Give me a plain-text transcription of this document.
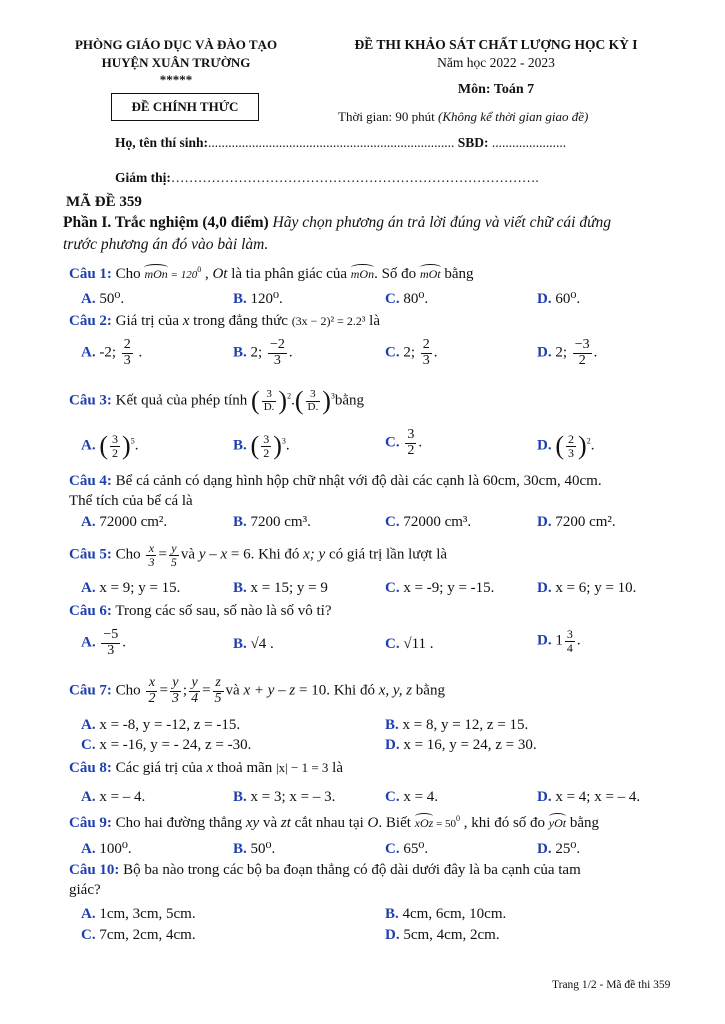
PHÒNG GIÁO DỤC VÀ ĐÀO TẠO
HUYỆN XUÂN TRƯỜNG
*****
ĐỀ CHÍNH THỨC
ĐỀ THI KHẢO SÁT CHẤT LƯỢNG HỌC KỲ I
Năm học 2022 - 2023
Môn: Toán 7
Thời gian: 90 phút (Không kể thời gian giao đề)
Họ, tên thí sinh:......................................................................... SBD: ......................
Giám thị:……………………………………………………………………….
MÃ ĐỀ 359
Phần I. Trắc nghiệm (4,0 điểm) Hãy chọn phương án trả lời đúng và viết chữ cái đứng
trước phương án đó vào bài làm.
Câu 1: Cho mOn = $120^0$ , Ot là tia phân giác của mOn. Số đo mOt bằng
A. 50⁰.	B. 120⁰.	C. 80⁰.	D. 60⁰.
Câu 2: Giá trị của x trong đẳng thức (3x − 2)² = 2.2³ là
A. -2; $\frac{2}{3}$ .	B. 2; $\frac{-2}{3}$ .	C. 2; $\frac{2}{3}$ .	D. 2; $\frac{-3}{2}$ .
Câu 3: Kết quả của phép tính ( $\frac{3}{D.} )^2.( \frac{3}{D.}$ )$^3bằng$
A. ( $\frac{3}{2} )^5$.	B. ( $\frac{3}{2} )^3$.	C. $\frac{3}{2}$ .	D. ( $\frac{2}{3} )^2$.
Câu 4: Bể cá cảnh có dạng hình hộp chữ nhật với độ dài các cạnh là 60cm, 30cm, 40cm.
Thể tích của bể cá là
A. 72000 cm².	B. 7200 cm³.	C. 72000 cm³.	D. 7200 cm².
Câu 5: Cho $\frac{x}{3} = \frac{y}{5}$ và y – x = 6. Khi đó x; y có giá trị lần lượt là
A. x = 9; y = 15.	B. x = 15; y = 9	C. x = -9; y = -15.	D. x = 6; y = 10.
Câu 6: Trong các số sau, số nào là số vô tỉ?
A. $\frac{-5}{3}$ .	B. √4 .	C. √11 .	D. $1 \frac{3}{4}$ .
Câu 7: Cho $\frac{x}{2} = \frac{y}{3}$ ; $\frac{y}{4} = \frac{z}{5}$ và x + y – z = 10. Khi đó x, y, z bằng
A. x = -8, y = -12, z = -15.	B. x = 8, y = 12, z = 15.
C. x = -16, y = - 24, z = -30.	D. x = 16, y = 24, z = 30.
Câu 8: Các giá trị của x thoả mãn |x| − 1 = 3 là
A. x = – 4.	B. x = 3; x = – 3.	C. x = 4.	D. x = 4; x = – 4.
Câu 9: Cho hai đường thẳng xy và zt cắt nhau tại O. Biết xOz = $50^0$ , khi đó số đo yOt bằng
A. 100⁰.	B. 50⁰.	C. 65⁰.	D. 25⁰.
Câu 10: Bộ ba nào trong các bộ ba đoạn thẳng có độ dài dưới đây là ba cạnh của tam
giác?
A. 1cm, 3cm, 5cm.	B. 4cm, 6cm, 10cm.
C. 7cm, 2cm, 4cm.	D. 5cm, 4cm, 2cm.
Trang 1/2 - Mã đề thi 359
